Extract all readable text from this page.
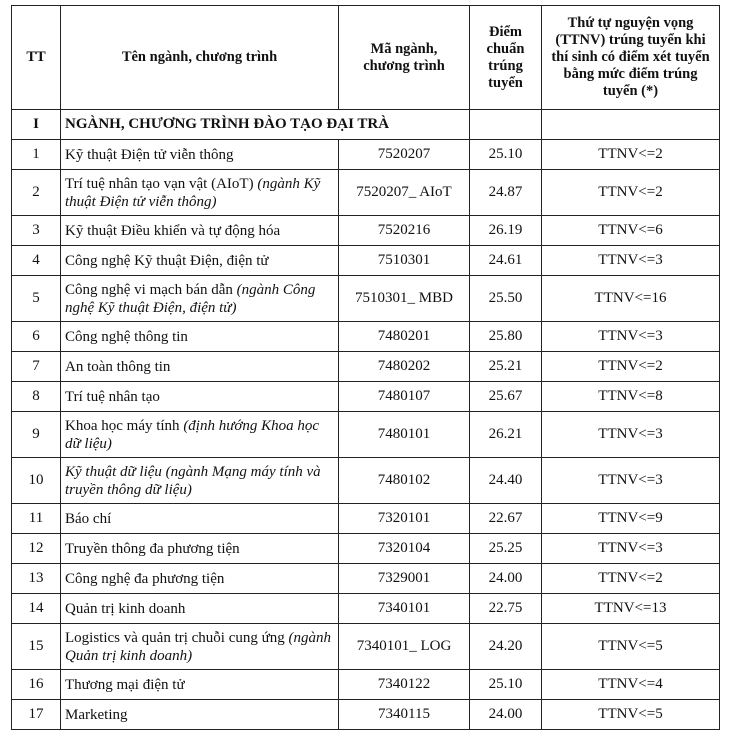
TT	Tên ngành, chương trình	Mã ngành, chương trình	Điểm chuẩn trúng tuyển	Thứ tự nguyện vọng (TTNV) trúng tuyển khi thí sinh có điểm xét tuyển bằng mức điểm trúng tuyển (*)
I	NGÀNH, CHƯƠNG TRÌNH ĐÀO TẠO ĐẠI TRÀ			
1	Kỹ thuật Điện tử viễn thông	7520207	25.10	TTNV<=2
2	Trí tuệ nhân tạo vạn vật (AIoT) (ngành Kỹ thuật Điện tử viễn thông)	7520207_ AIoT	24.87	TTNV<=2
3	Kỹ thuật Điều khiển và tự động hóa	7520216	26.19	TTNV<=6
4	Công nghệ Kỹ thuật Điện, điện tử	7510301	24.61	TTNV<=3
5	Công nghệ vi mạch bán dẫn (ngành Công nghệ Kỹ thuật Điện, điện tử)	7510301_ MBD	25.50	TTNV<=16
6	Công nghệ thông tin	7480201	25.80	TTNV<=3
7	An toàn thông tin	7480202	25.21	TTNV<=2
8	Trí tuệ nhân tạo	7480107	25.67	TTNV<=8
9	Khoa học máy tính (định hướng Khoa học dữ liệu)	7480101	26.21	TTNV<=3
10	Kỹ thuật dữ liệu (ngành Mạng máy tính và truyền thông dữ liệu)	7480102	24.40	TTNV<=3
11	Báo chí	7320101	22.67	TTNV<=9
12	Truyền thông đa phương tiện	7320104	25.25	TTNV<=3
13	Công nghệ đa phương tiện	7329001	24.00	TTNV<=2
14	Quản trị kinh doanh	7340101	22.75	TTNV<=13
15	Logistics và quản trị chuỗi cung ứng (ngành Quản trị kinh doanh)	7340101_ LOG	24.20	TTNV<=5
16	Thương mại điện tử	7340122	25.10	TTNV<=4
17	Marketing	7340115	24.00	TTNV<=5
